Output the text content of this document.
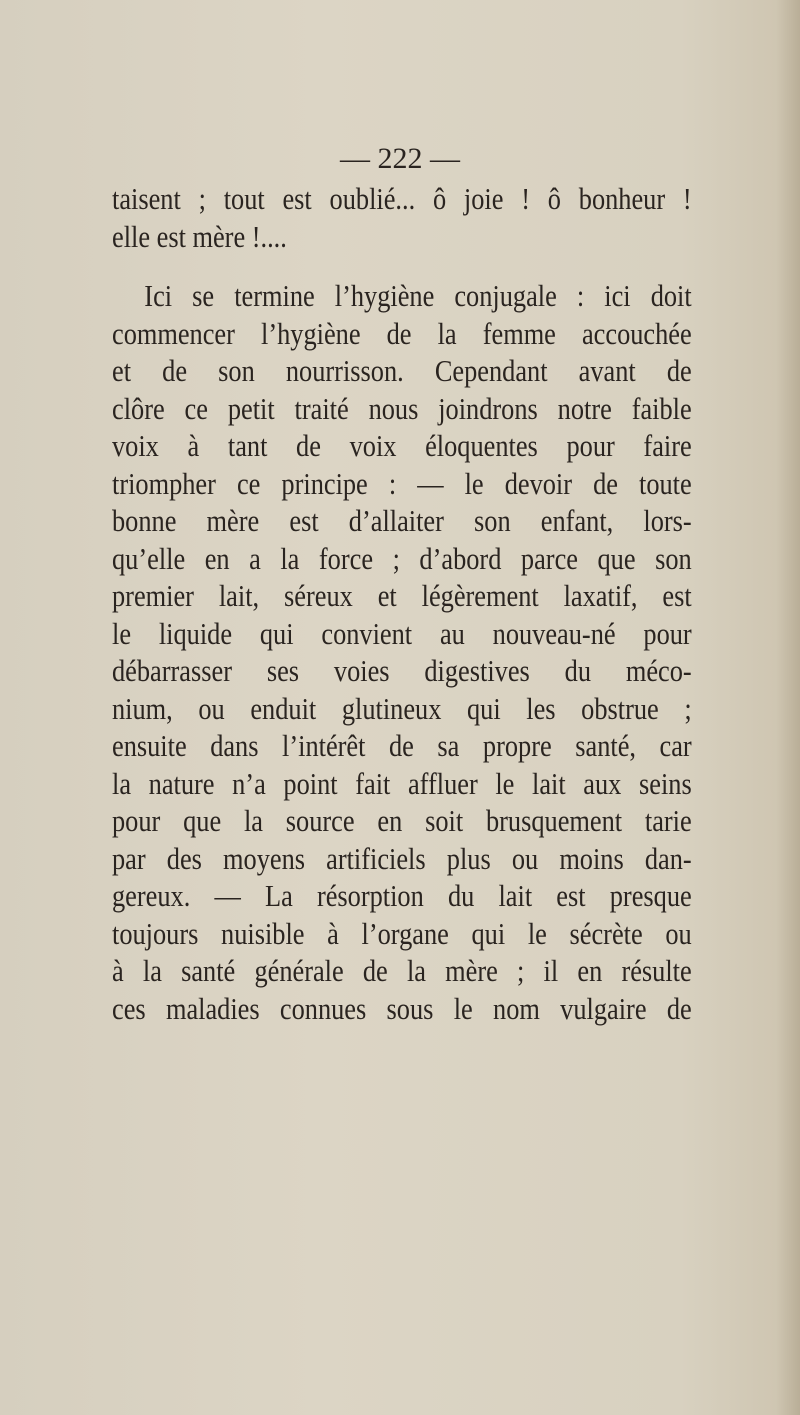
— 222 —
taisent ; tout est oublié... ô joie ! ô bonheur !
elle est mère !....
Ici se termine l’hygiène conjugale : ici doit
commencer l’hygiène de la femme accouchée
et de son nourrisson. Cependant avant de
clôre ce petit traité nous joindrons notre faible
voix à tant de voix éloquentes pour faire
triompher ce principe : — le devoir de toute
bonne mère est d’allaiter son enfant, lors-
qu’elle en a la force ; d’abord parce que son
premier lait, séreux et légèrement laxatif, est
le liquide qui convient au nouveau-né pour
débarrasser ses voies digestives du méco-
nium, ou enduit glutineux qui les obstrue ;
ensuite dans l’intérêt de sa propre santé, car
la nature n’a point fait affluer le lait aux seins
pour que la source en soit brusquement tarie
par des moyens artificiels plus ou moins dan-
gereux. — La résorption du lait est presque
toujours nuisible à l’organe qui le sécrète ou
à la santé générale de la mère ; il en résulte
ces maladies connues sous le nom vulgaire de
